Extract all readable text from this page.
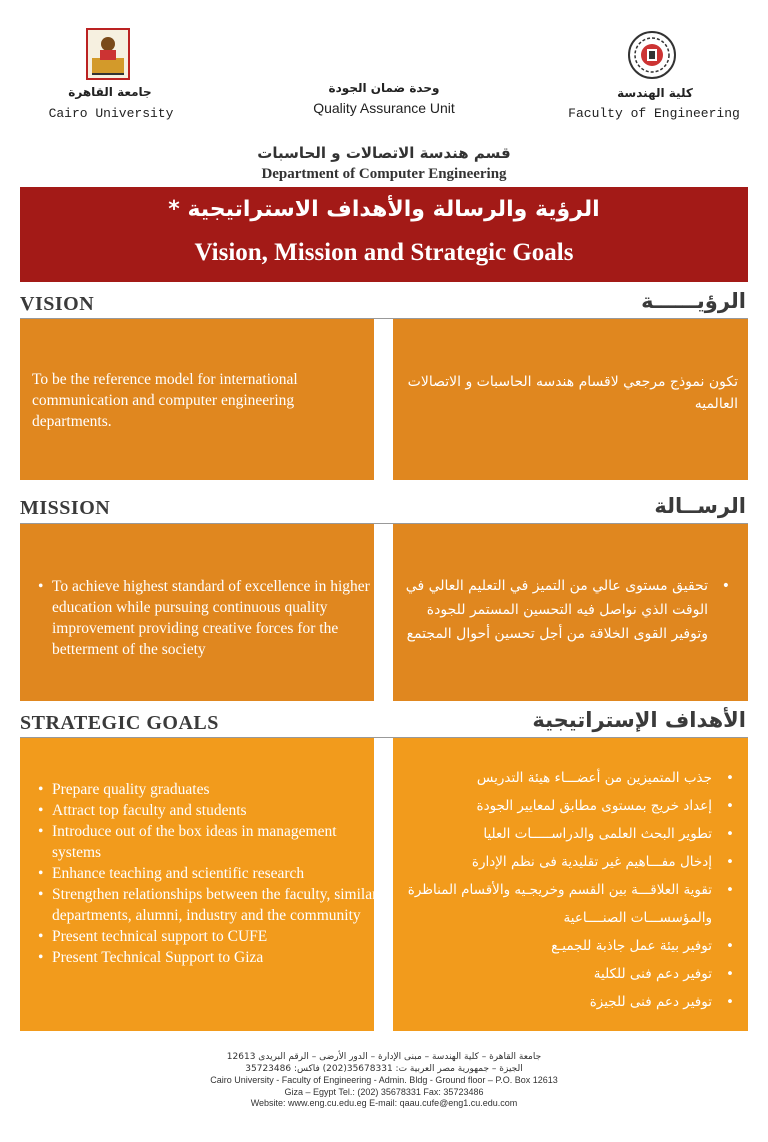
جامعة القاهرة
Cairo University
وحدة ضمان الجودة
Quality Assurance Unit
كلية الهندسة
Faculty of Engineering
قسم هندسة الاتصالات و الحاسبات
Department of Computer Engineering
الرؤية والرسالة والأهداف الاستراتيجية *
Vision, Mission and Strategic Goals
VISION	الرؤيــــــة
To be the reference model for international communication and computer engineering departments.
تكون نموذج مرجعي لاقسام هندسه الحاسبات و الاتصالات العالميه
MISSION	الرســالة
• To achieve highest standard of excellence in higher education while pursuing continuous quality improvement providing creative forces for the betterment of the society
• تحقيق مستوى عالي من التميز في التعليم العالي في الوقت الذي نواصل فيه التحسين المستمر للجودة وتوفير القوى الخلاقة من أجل تحسين أحوال المجتمع
STRATEGIC GOALS	الأهداف الإستراتيجية
• Prepare quality graduates
• Attract top faculty and students
• Introduce out of the box ideas in management systems
• Enhance teaching and scientific research
• Strengthen relationships between the faculty, similar departments, alumni, industry and the community
• Present technical support to CUFE
• Present Technical Support to Giza
• جذب المتميزين من أعضـــاء هيئة التدريس
• إعداد خريج بمستوى مطابق لمعايير الجودة
• تطوير البحث العلمى والدراســـــات العليا
• إدخال مفـــاهيم غير تقليدية فى نظم الإدارة
• تقوية العلاقـــة بين القسم وخريجـيه والأقسام المناظرة والمؤسســـات الصنــــاعية
• توفير بيئة عمل جاذبة للجميـع
• توفير دعم فنى للكلية
• توفير دعم فنى للجيزة
جامعة القاهرة – كلية الهندسة – مبنى الإدارة – الدور الأرضى – الرقم البريدى 12613
الجيزة – جمهورية مصر العربية ت: 35678331(202) فاكس: 35723486
Cairo University - Faculty of Engineering - Admin. Bldg - Ground floor – P.O. Box 12613
Giza – Egypt Tel.: (202) 35678331 Fax: 35723486
Website: www.eng.cu.edu.eg E-mail: qaau.cufe@eng1.cu.edu.com
